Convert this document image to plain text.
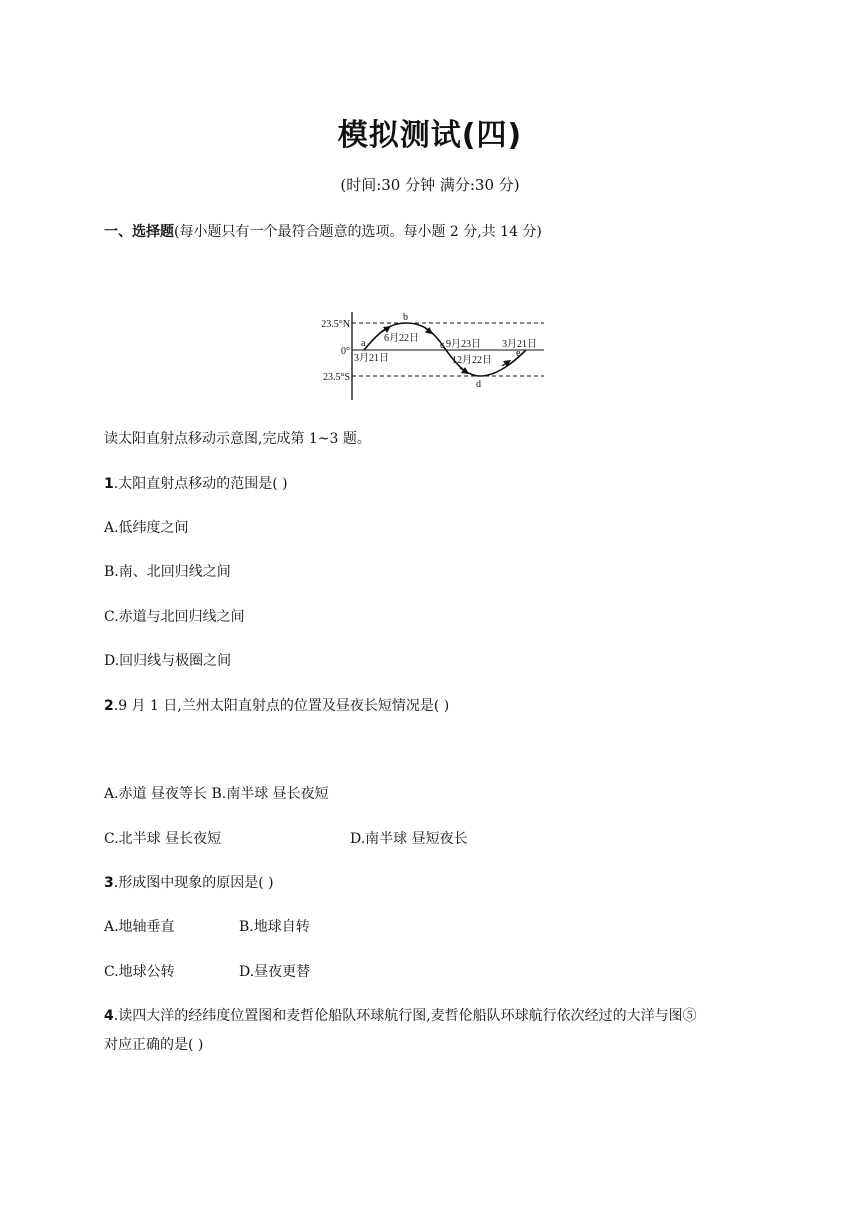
模拟测试(四)
(时间:30 分钟 满分:30 分)
一、选择题(每小题只有一个最符合题意的选项。每小题 2 分,共 14 分)
23.5°N
0°
23.5°S
a
b
c
d
e
3月21日
6月22日
9月23日
12月22日
3月21日
读太阳直射点移动示意图,完成第 1~3 题。
1.太阳直射点移动的范围是( )
A.低纬度之间
B.南、北回归线之间
C.赤道与北回归线之间
D.回归线与极圈之间
2.9 月 1 日,兰州太阳直射点的位置及昼夜长短情况是( )
A.赤道 昼夜等长 B.南半球 昼长夜短
C.北半球 昼长夜短	D.南半球 昼短夜长
3.形成图中现象的原因是( )
A.地轴垂直	B.地球自转
C.地球公转	D.昼夜更替
4.读四大洋的经纬度位置图和麦哲伦船队环球航行图,麦哲伦船队环球航行依次经过的大洋与图⑤
对应正确的是( )
